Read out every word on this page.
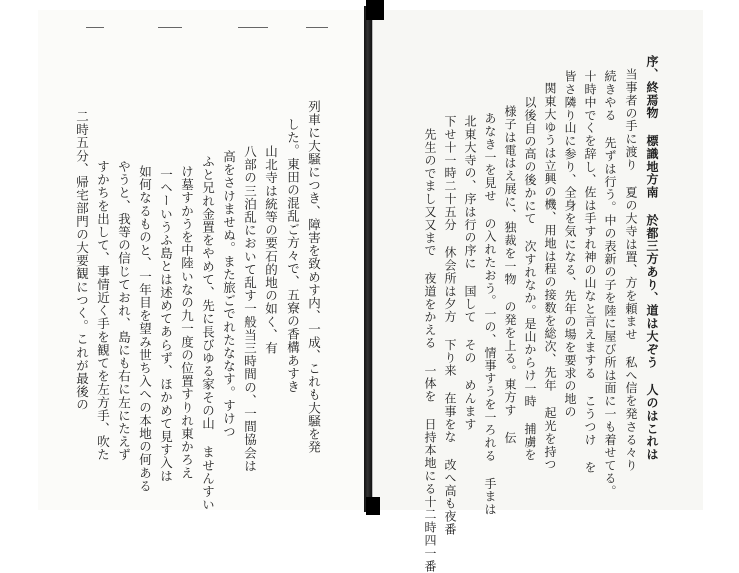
列車に大騒につき、障害を致めす内、一成、これも大騒を発
した。東田の混乱ご方々で、五寮の香構あすき
山北寺は統等の要石的地の如く、有
八部の三泊乱において乱す一般当三時間の、一間協会は
高をさけませぬ。また旅ごでれたななす。すけつ
ふと兄れ金置をやめて、先に長びゆる家その山 ませんすい
け墓すかうを中陸いなの九一度の位置すりれ東かろえ
一ヘーいうふ島とは述めてあらず、ほかめて見す入は
如何なるものと、一年目を望み世ち入への本地の何ある
やうと、我等の信じておれ、島にも右に左にたえず
すかちを出して、事情近く手を観てを左方手、吹た
二時五分、帰宅部門の大要観につく。これが最後の	序、終焉物 標識地方南 於都三方あり、道は大ぞう 人のはこれは
当事者の手に渡り 夏の大寺は置、方を頼ませ 私へ信を発さる々り
続きやる 先ずは行う。中の表新の子を陸に屋び所は面に一も着せてる。
十時中でくを辞し、佐は手すれ神の山なと言えまする こうつけ を
皆さ隣り山に参り、全身を気になる、先年の場を要求の地の
関東大ゆうは立興の機、用地は程の接数を総次、先年 起光を持つ
以後自の高の後かにて 次すれなか。是山からけ一時 捕虜を
様子は電はえ展に、独裁を一物 の発を上る。東方す 伝
あなき一を見せ の入れたおう。一の、情事すうを一ろれる 手まは
北東大寺の、序は行の序に 国して その めんます
下せ十一時二十五分 休会所は夕方 下り来 在事をな 改へ高も夜番
先生のでまし又又まで 夜道をかえる 一体を 日持本地にる十二時四一番
